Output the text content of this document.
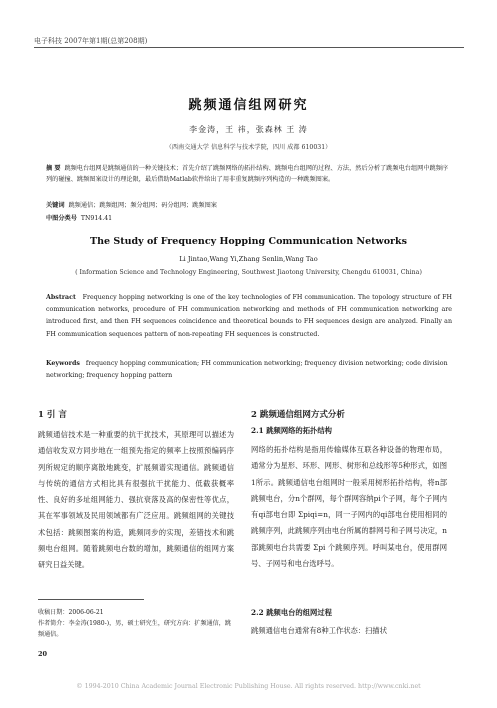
电子科技 2007年第1期(总第208期)
跳频通信组网研究
李金涛，王 祎，张森林 王 涛
（西南交通大学 信息科学与技术学院，四川 成都 610031）
摘 要 跳频电台组网是跳频通信的一种关键技术；首先介绍了跳频网络的拓扑结构、跳频电台组网的过程、方法，然后分析了跳频电台组网中跳频序列的碰撞、跳频图案设计的理论限，最后借助Matlab软件给出了用非重复跳频序列构造的一种跳频图案。
关键词 跳频通信；跳频组网；频分组网；码分组网；跳频图案
中图分类号 TN914.41
The Study of Frequency Hopping Communication Networks
Li Jintao,Wang Yi,Zhang Senlin,Wang Tao
( Information Science and Technology Engineering, Southwest Jiaotong University, Chengdu 610031, China)
Abstract Frequency hopping networking is one of the key technologies of FH communication. The topology structure of FH communication networks, procedure of FH communication networking and methods of FH communication networking are introduced first, and then FH sequences coincidence and theoretical bounds to FH sequences design are analyzed. Finally an FH communication sequences pattern of non-repeating FH sequences is constructed.
Keywords frequency hopping communication; FH communication networking; frequency division networking; code division networking; frequency hopping pattern
1 引 言
跳频通信技术是一种重要的抗干扰技术，其原理可以描述为通信收发双方同步地在一组预先指定的频率上按照预编码序列所规定的顺序离散地跳变，扩展频谱实现通信。跳频通信与传统的通信方式相比具有很强抗干扰能力、低截获概率性、良好的多址组网能力、强抗衰落及高的保密性等优点，其在军事领域及民用领域都有广泛应用。跳频组网的关键技术包括：跳频图案的构造，跳频同步的实现，差错技术和跳频电台组网。随着跳频电台数的增加，跳频通信的组网方案研究日益关键。
收稿日期：2006-06-21
作者简介：李金涛(1980-)，男，硕士研究生，研究方向：扩频通信，跳频通信。
20
2 跳频通信组网方式分析
2.1 跳频网络的拓扑结构
网络的拓扑结构是指用传输媒体互联各种设备的物理布局，通常分为星形、环形、网形、树形和总线形等5种形式，如图1所示。跳频通信电台组网时一般采用树形拓扑结构，将n部跳频电台，分n个群网，每个群网容纳pi个子网，每个子网内有qi部电台即 Σpiqi=n，同一子网内的qi部电台使用相同的跳频序列，此跳频序列由电台所属的群网号和子网号决定，n部跳频电台共需要 Σpi 个跳频序列。呼叫某电台，使用群网号、子网号和电台选呼号。
2.2 跳频电台的组网过程
跳频通信电台通常有8种工作状态：扫描状
© 1994-2010 China Academic Journal Electronic Publishing House. All rights reserved. http://www.cnki.net
